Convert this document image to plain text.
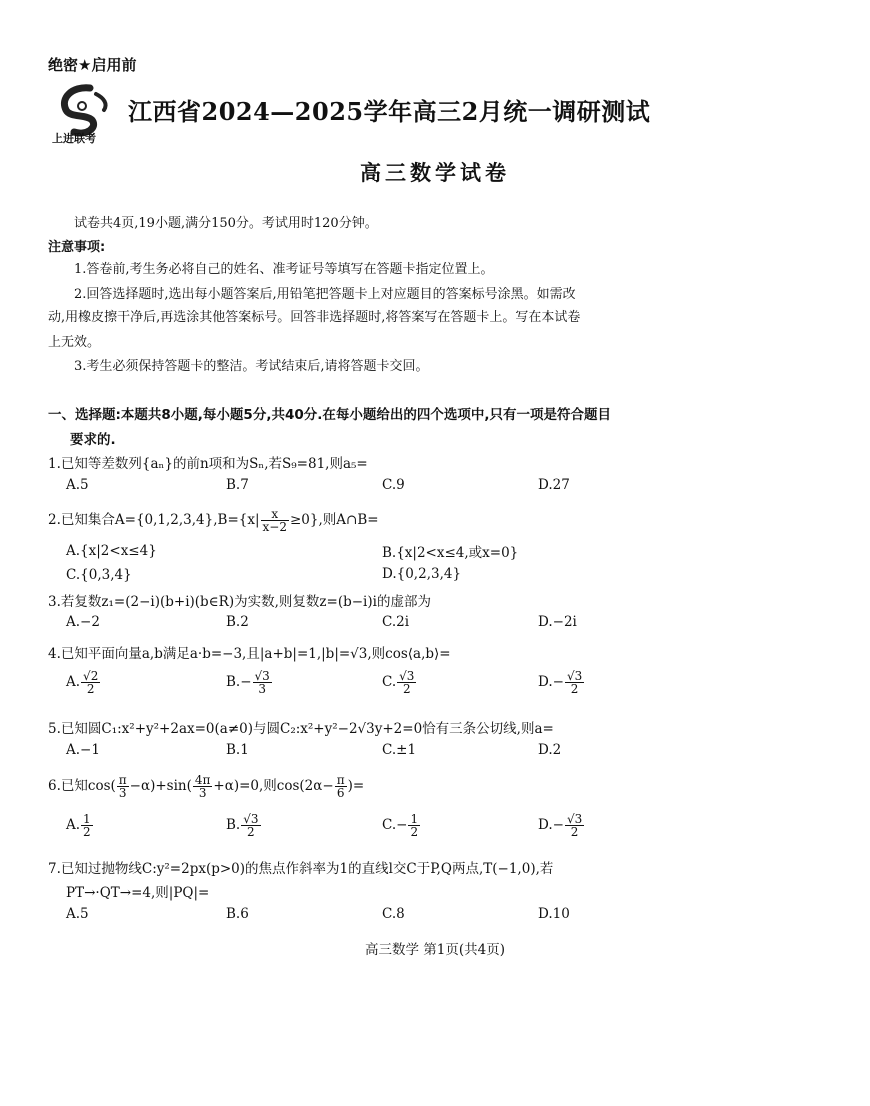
绝密★启用前
上进联考
江西省2024—2025学年高三2月统一调研测试
高三数学试卷
试卷共4页,19小题,满分150分。考试用时120分钟。
注意事项:
1.答卷前,考生务必将自己的姓名、准考证号等填写在答题卡指定位置上。
2.回答选择题时,选出每小题答案后,用铅笔把答题卡上对应题目的答案标号涂黑。如需改
动,用橡皮擦干净后,再选涂其他答案标号。回答非选择题时,将答案写在答题卡上。写在本试卷
上无效。
3.考生必须保持答题卡的整洁。考试结束后,请将答题卡交回。
一、选择题:本题共8小题,每小题5分,共40分.在每小题给出的四个选项中,只有一项是符合题目
要求的.
1.已知等差数列{aₙ}的前n项和为Sₙ,若S₉=81,则a₅=
A.5	B.7	C.9	D.27
2.已知集合$A=\{0,1,2,3,4\},B=\{x| \frac{x}{x-2} \ge 0\}$,则A∩B=
A.{x|2<x≤4}	B.{x|2<x≤4,或x=0}
C.{0,3,4}	D.{0,2,3,4}
3.若复数z₁=(2−i)(b+i)(b∈R)为实数,则复数z=(b−i)i的虚部为
A.−2	B.2	C.2i	D.−2i
4.已知平面向量a,b满足a·b=−3,且|a+b|=1,|b|=√3,则cos⟨a,b⟩=
A. $\frac{√2}{2}$	$B.- \frac{√3}{3}$	C. $\frac{√3}{2}$	$D.- \frac{√3}{2}$
5.已知圆C₁:x²+y²+2ax=0(a≠0)与圆C₂:x²+y²−2√3y+2=0恰有三条公切线,则a=
A.−1	B.1	C.±1	D.2
6.已知$\cos( \frac{\pi}{3} -\alpha)+\sin( \frac{4\pi}{3} +\alpha)=0$,则$\cos(2\alpha- \frac{\pi}{6}$ )=
A. $\frac{1}{2}$	B. $\frac{√3}{2}$	$C.- \frac{1}{2}$	$D.- \frac{√3}{2}$
7.已知过抛物线C:y²=2px(p>0)的焦点作斜率为1的直线l交C于P,Q两点,T(−1,0),若
PT→·QT→=4,则|PQ|=
A.5	B.6	C.8	D.10
高三数学 第1页(共4页)
